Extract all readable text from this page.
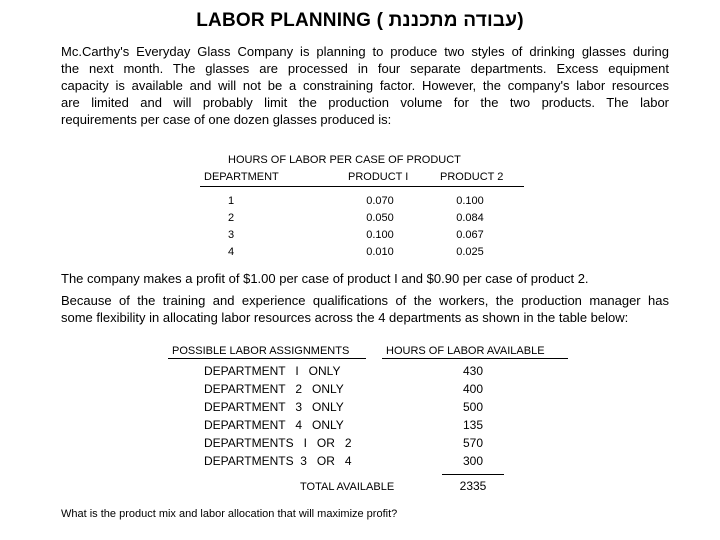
LABOR PLANNING ( עבודה מתכננת)
Mc.Carthy's Everyday Glass Company is planning to produce two styles of drinking glasses during
the next month. The glasses are processed in four separate departments. Excess equipment
capacity is available and will not be a constraining factor. However, the company's labor resources
are limited and will probably limit the production volume for the two products. The labor
requirements per case of one dozen glasses produced is:
HOURS OF LABOR PER CASE OF PRODUCT
DEPARTMENT	PRODUCT I	PRODUCT 2
1	0.070	0.100
2	0.050	0.084
3	0.100	0.067
4	0.010	0.025
The company makes a profit of $1.00 per case of product I and $0.90 per case of product 2.
Because of the training and experience qualifications of the workers, the production manager has
some flexibility in allocating labor resources across the 4 departments as shown in the table below:
POSSIBLE LABOR ASSIGNMENTS	HOURS OF LABOR AVAILABLE
DEPARTMENT   I   ONLY	430
DEPARTMENT   2   ONLY	400
DEPARTMENT   3   ONLY	500
DEPARTMENT   4   ONLY	135
DEPARTMENTS   I   OR   2	570
DEPARTMENTS  3   OR   4	300
TOTAL AVAILABLE	2335
What is the product mix and labor allocation that will maximize profit?
